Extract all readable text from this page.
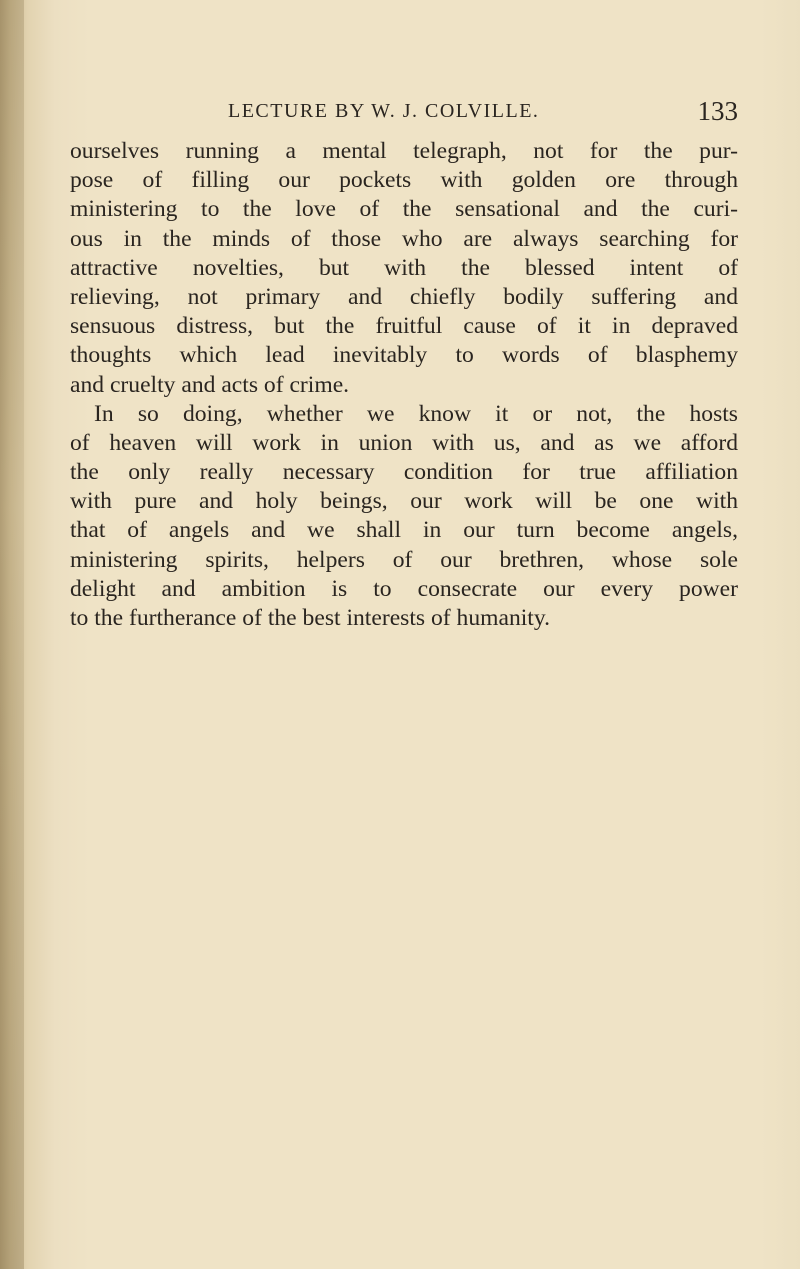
LECTURE BY W. J. COLVILLE.	133
ourselves running a mental telegraph, not for the pur-
pose of filling our pockets with golden ore through
ministering to the love of the sensational and the curi-
ous in the minds of those who are always searching for
attractive novelties, but with the blessed intent of
relieving, not primary and chiefly bodily suffering and
sensuous distress, but the fruitful cause of it in depraved
thoughts which lead inevitably to words of blasphemy
and cruelty and acts of crime.
In so doing, whether we know it or not, the hosts
of heaven will work in union with us, and as we afford
the only really necessary condition for true affiliation
with pure and holy beings, our work will be one with
that of angels and we shall in our turn become angels,
ministering spirits, helpers of our brethren, whose sole
delight and ambition is to consecrate our every power
to the furtherance of the best interests of humanity.
